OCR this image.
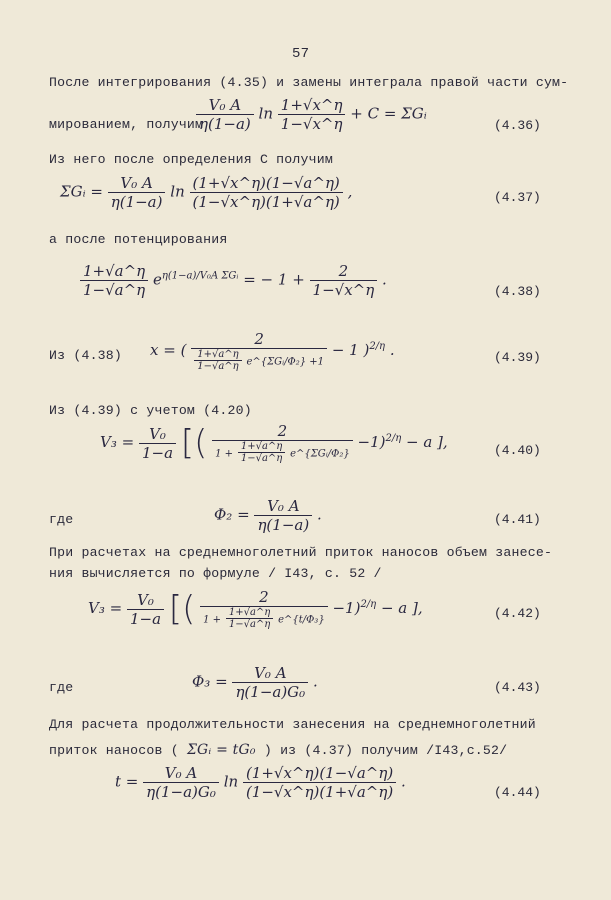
57
После интегрирования (4.35) и замены интеграла правой части сум-
мированием, получим
$\frac{\text{V₀ A}}{\eta(1-a)}$ $\ln \frac{1+√x\^{}\eta}{1-√x\^{}\eta} + C$ = ΣGᵢ
(4.36)
Из него после определения C получим
ΣGᵢ = $\frac{\text{V₀ A}}{\eta(1-a)}$ $\ln \frac{(1+√x\^{}\eta)(1-√a\^{}\eta)}{(1-√x\^{}\eta)(1+√a\^{}\eta)}$ ,	(4.37)
а после потенцирования
$\frac{1+√a\^{}\eta}{1-√a\^{}\eta} e^{\eta(1-a)/V_0A \Sigma Gᵢ}$ = − $1 + \frac{2}{1-√x\^{}\eta}$ .
(4.38)
Из (4.38) x = ( $\frac{2}{\frac{1+√a\^{}\eta}{1-√a\^{}\eta} e\^{}\{\Sigma Gᵢ/\Phi_2\} +1} - 1$ )$^{2/\eta}$ .	(4.39)
Из (4.39) с учетом (4.20)
$V_3 = \frac{\text{V₀}}{1-a}$ [( $\frac{2}{1 + \frac{1+√a\^{}\eta}{1-√a\^{}\eta} e\^{}\{\Sigma Gᵢ/\Phi_2\}} -1)^{2/\eta} - a$ ],	(4.40)
где	$\Phi_2 = \frac{\text{V₀ A}}{\eta(1-a)}$ .	(4.41)
При расчетах на среднемноголетний приток наносов объем занесе-
ния вычисляется по формуле / I43, с. 52 /
$V_3 = \frac{\text{V₀}}{1-a}$ [( $\frac{2}{1 + \frac{1+√a\^{}\eta}{1-√a\^{}\eta} e\^{}\{t/\Phi_3\}} -1)^{2/\eta} - a$ ],	(4.42)
где	$\Phi_3 = \frac{\text{V₀ A}}{\text{η(1−a)G₀}}$ .	(4.43)
Для расчета продолжительности занесения на среднемноголетний
приток наносов ( ΣGᵢ = tG₀ ) из (4.37) получим /I43,с.52/
$t = \frac{\text{V₀ A}}{\text{η(1−a)G₀}}$ $\ln \frac{(1+√x\^{}\eta)(1-√a\^{}\eta)}{(1-√x\^{}\eta)(1+√a\^{}\eta)}$ .
(4.44)
